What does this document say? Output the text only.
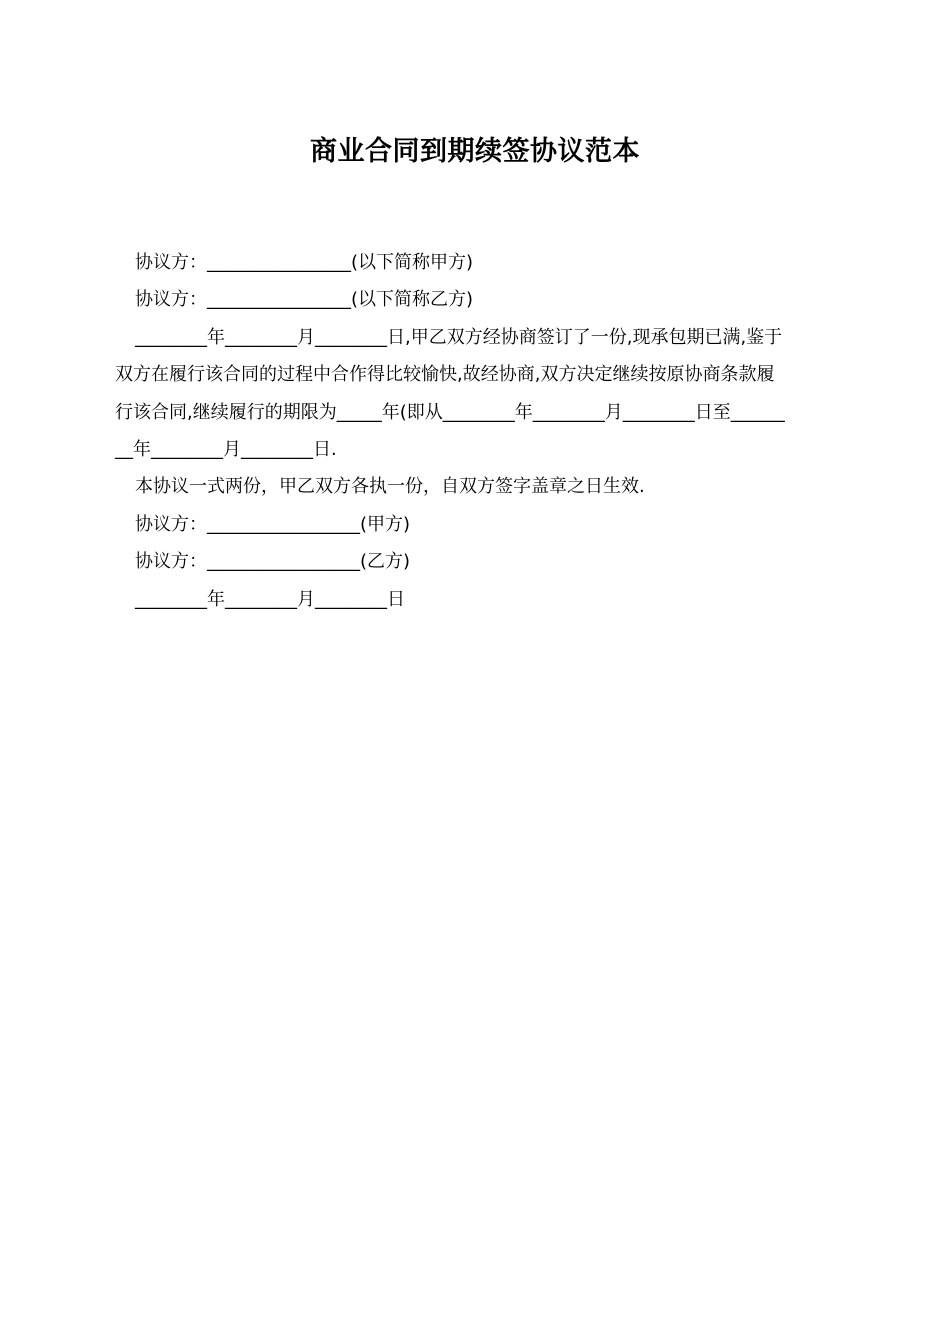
商业合同到期续签协议范本
协议方：________________(以下简称甲方)
协议方：________________(以下简称乙方)
________年________月________日,甲乙双方经协商签订了一份,现承包期已满,鉴于
双方在履行该合同的过程中合作得比较愉快,故经协商,双方决定继续按原协商条款履
行该合同,继续履行的期限为_____年(即从________年________月________日至______
__年________月________日.
本协议一式两份，甲乙双方各执一份，自双方签字盖章之日生效.
协议方：_________________(甲方)
协议方：_________________(乙方)
________年________月________日
